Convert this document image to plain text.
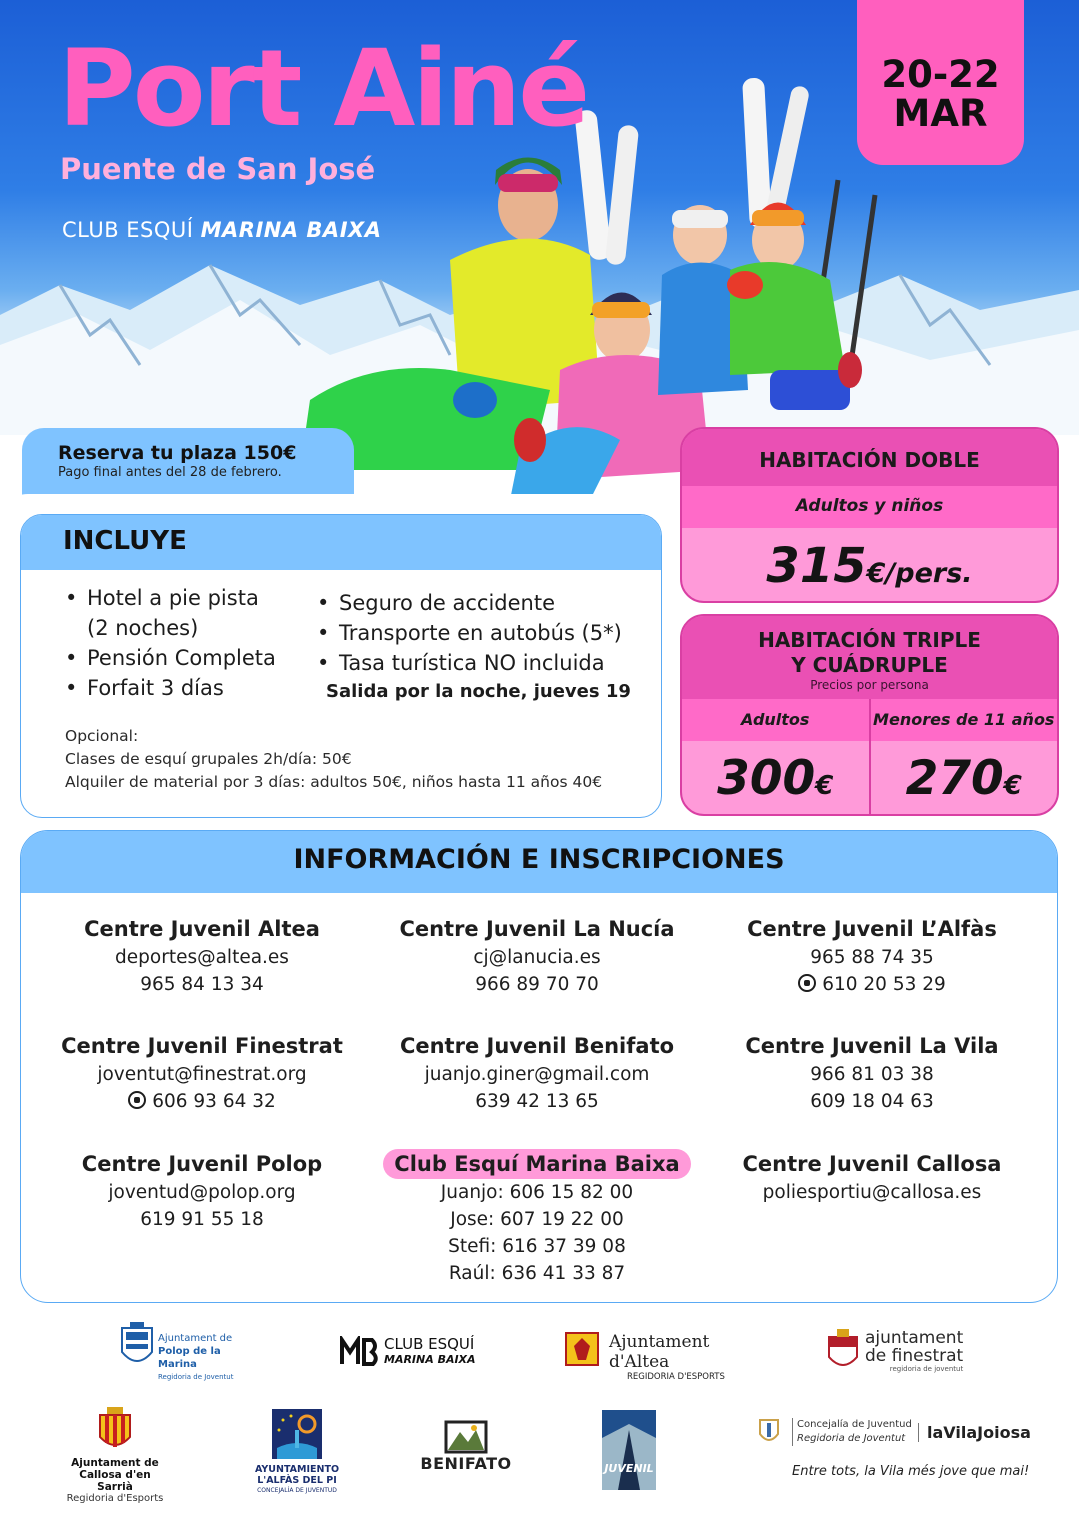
Port Ainé
Puente de San José
CLUB ESQUÍ MARINA BAIXA
20-22
MAR
Reserva tu plaza 150€
Pago final antes del 28 de febrero.
INCLUYE
• Hotel a pie pista
(2 noches)
• Pensión Completa
• Forfait 3 días
• Seguro de accidente
• Transporte en autobús (5*)
• Tasa turística NO incluida
Salida por la noche, jueves 19
Opcional:
Clases de esquí grupales 2h/día: 50€
Alquiler de material por 3 días: adultos 50€, niños hasta 11 años 40€
HABITACIÓN DOBLE
Adultos y niños
315€/pers.
HABITACIÓN TRIPLE
Y CUÁDRUPLE
Precios por persona
Adultos	Menores de 11 años
300€	270€
INFORMACIÓN E INSCRIPCIONES
Centre Juvenil Altea
deportes@altea.es
965 84 13 34
Centre Juvenil La Nucía
cj@lanucia.es
966 89 70 70
Centre Juvenil L’Alfàs
965 88 74 35
610 20 53 29
Centre Juvenil Finestrat
joventut@finestrat.org
606 93 64 32
Centre Juvenil Benifato
juanjo.giner@gmail.com
639 42 13 65
Centre Juvenil La Vila
966 81 03 38
609 18 04 63
Centre Juvenil Polop
joventud@polop.org
619 91 55 18
Club Esquí Marina Baixa
Juanjo: 606 15 82 00
Jose: 607 19 22 00
Stefi: 616 37 39 08
Raúl: 636 41 33 87
Centre Juvenil Callosa
poliesportiu@callosa.es
Ajuntament de
Polop de la Marina
Regidoria de Joventut
CLUB ESQUÍ
MARINA BAIXA
Ajuntament d'Altea
REGIDORIA D'ESPORTS
ajuntament
de finestrat
regidoria de joventut
Ajuntament de
Callosa d'en Sarrià
Regidoria d'Esports
AYUNTAMIENTO
L'ALFÀS DEL PI
CONCEJALÍA DE JUVENTUD
BENIFATO	JUVENIL
Concejalía de Juventud
Regidoria de Joventut	laVilaJoiosa
Entre tots, la Vila més jove que mai!
